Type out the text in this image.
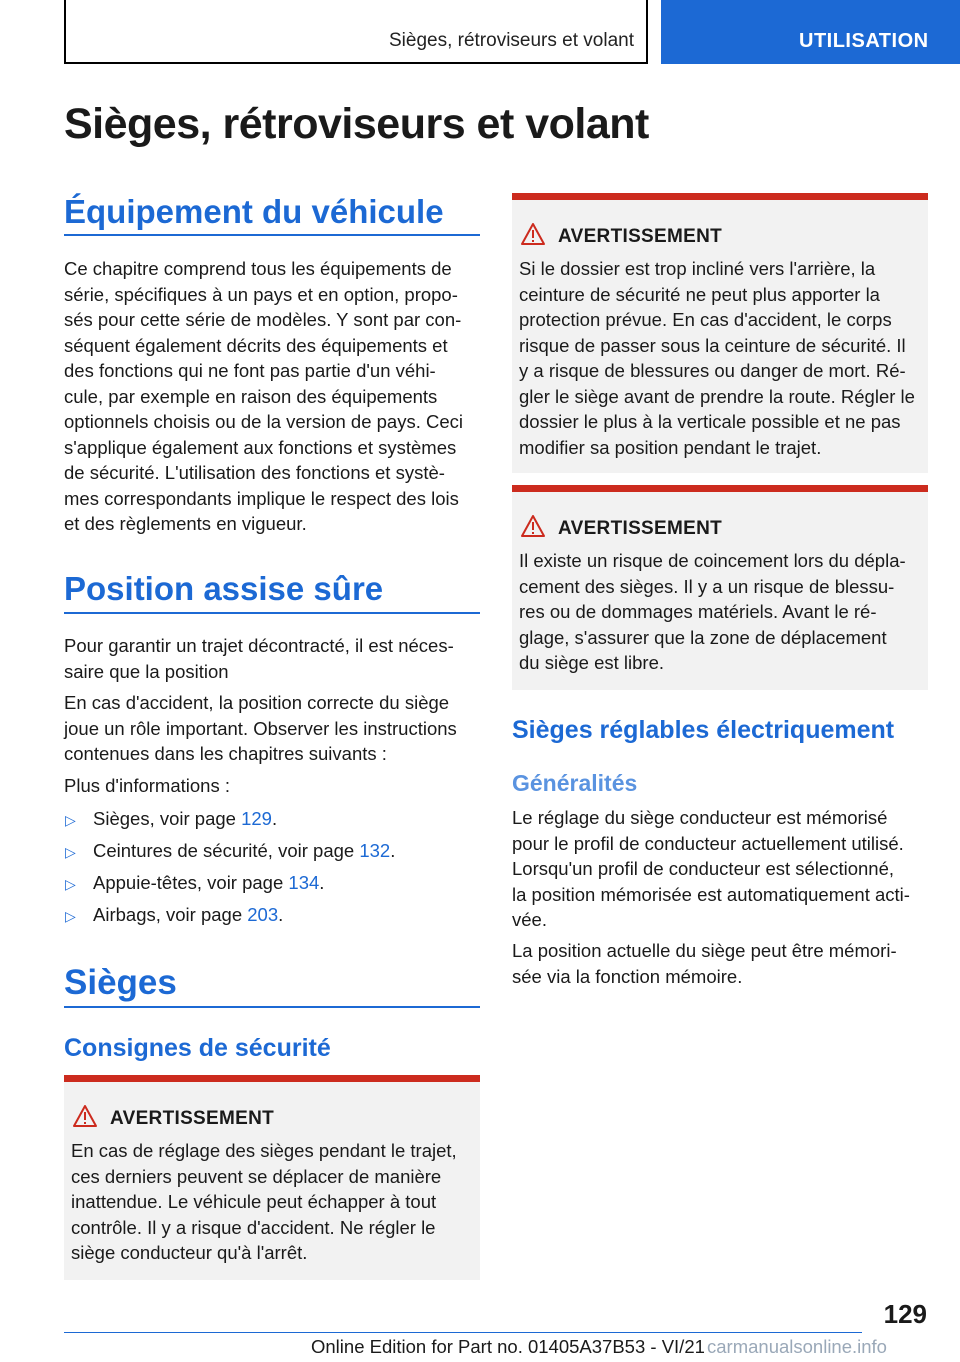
Sièges, rétroviseurs et volant	UTILISATION
Sièges, rétroviseurs et volant
Équipement du véhicule
Ce chapitre comprend tous les équipements de
série, spécifiques à un pays et en option, propo-
sés pour cette série de modèles. Y sont par con-
séquent également décrits des équipements et
des fonctions qui ne font pas partie d'un véhi-
cule, par exemple en raison des équipements
optionnels choisis ou de la version de pays. Ceci
s'applique également aux fonctions et systèmes
de sécurité. L'utilisation des fonctions et systè-
mes correspondants implique le respect des lois
et des règlements en vigueur.
Position assise sûre
Pour garantir un trajet décontracté, il est néces-
saire que la position
En cas d'accident, la position correcte du siège
joue un rôle important. Observer les instructions
contenues dans les chapitres suivants :
Plus d'informations :
▷ Sièges, voir page 129.
▷ Ceintures de sécurité, voir page 132.
▷ Appuie-têtes, voir page 134.
▷ Airbags, voir page 203.
Sièges
Consignes de sécurité
AVERTISSEMENT
En cas de réglage des sièges pendant le trajet,
ces derniers peuvent se déplacer de manière
inattendue. Le véhicule peut échapper à tout
contrôle. Il y a risque d'accident. Ne régler le
siège conducteur qu'à l'arrêt.
AVERTISSEMENT
Si le dossier est trop incliné vers l'arrière, la
ceinture de sécurité ne peut plus apporter la
protection prévue. En cas d'accident, le corps
risque de passer sous la ceinture de sécurité. Il
y a risque de blessures ou danger de mort. Ré-
gler le siège avant de prendre la route. Régler le
dossier le plus à la verticale possible et ne pas
modifier sa position pendant le trajet.
AVERTISSEMENT
Il existe un risque de coincement lors du dépla-
cement des sièges. Il y a un risque de blessu-
res ou de dommages matériels. Avant le ré-
glage, s'assurer que la zone de déplacement
du siège est libre.
Sièges réglables électriquement
Généralités
Le réglage du siège conducteur est mémorisé
pour le profil de conducteur actuellement utilisé.
Lorsqu'un profil de conducteur est sélectionné,
la position mémorisée est automatiquement acti-
vée.
La position actuelle du siège peut être mémori-
sée via la fonction mémoire.
129
Online Edition for Part no. 01405A37B53 - VI/21 carmanualsonline.info
